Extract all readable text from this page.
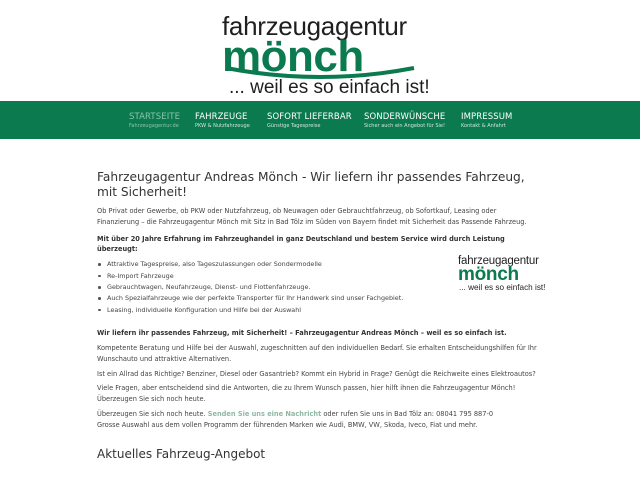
fahrzeugagentur
mönch
... weil es so einfach ist!
STARTSEITE
Fahrzeugagentur.de
FAHRZEUGE
PKW & Nutzfahrzeuge
SOFORT LIEFERBAR
Günstige Tagespreise
SONDERWÜNSCHE
Sicher auch ein Angebot für Sie!
IMPRESSUM
Kontakt & Anfahrt
Fahrzeugagentur Andreas Mönch - Wir liefern ihr passendes Fahrzeug, mit Sicherheit!

Ob Privat oder Gewerbe, ob PKW oder Nutzfahrzeug, ob Neuwagen oder Gebrauchtfahrzeug, ob Sofortkauf, Leasing oder Finanzierung – die Fahrzeugagentur Mönch mit Sitz in Bad Tölz im Süden von Bayern findet mit Sicherheit das Passende Fahrzeug.

Mit über 20 Jahre Erfahrung im Fahrzeughandel in ganz Deutschland und bestem Service wird durch Leistung überzeugt:

Attraktive Tagespreise, also Tageszulassungen oder Sondermodelle
Re-Import Fahrzeuge
Gebrauchtwagen, Neufahrzeuge, Dienst- und Flottenfahrzeuge.
Auch Spezialfahrzeuge wie der perfekte Transporter für Ihr Handwerk sind unser Fachgebiet.
Leasing, individuelle Konfiguration und Hilfe bei der Auswahl
fahrzeugagentur
mönch
... weil es so einfach ist!

Wir liefern ihr passendes Fahrzeug, mit Sicherheit! – Fahrzeugagentur Andreas Mönch – weil es so einfach ist.

Kompetente Beratung und Hilfe bei der Auswahl, zugeschnitten auf den individuellen Bedarf. Sie erhalten Entscheidungshilfen für Ihr Wunschauto und attraktive Alternativen.

Ist ein Allrad das Richtige? Benziner, Diesel oder Gasantrieb? Kommt ein Hybrid in Frage? Genügt die Reichweite eines Elektroautos?

Viele Fragen, aber entscheidend sind die Antworten, die zu Ihrem Wunsch passen, hier hilft ihnen die Fahrzeugagentur Mönch! Überzeugen Sie sich noch heute.

Überzeugen Sie sich noch heute. Senden Sie uns eine Nachricht oder rufen Sie uns in Bad Tölz an: 08041 795 887-0
Grosse Auswahl aus dem vollen Programm der führenden Marken wie Audi, BMW, VW, Skoda, Iveco, Fiat und mehr.

Aktuelles Fahrzeug-Angebot
